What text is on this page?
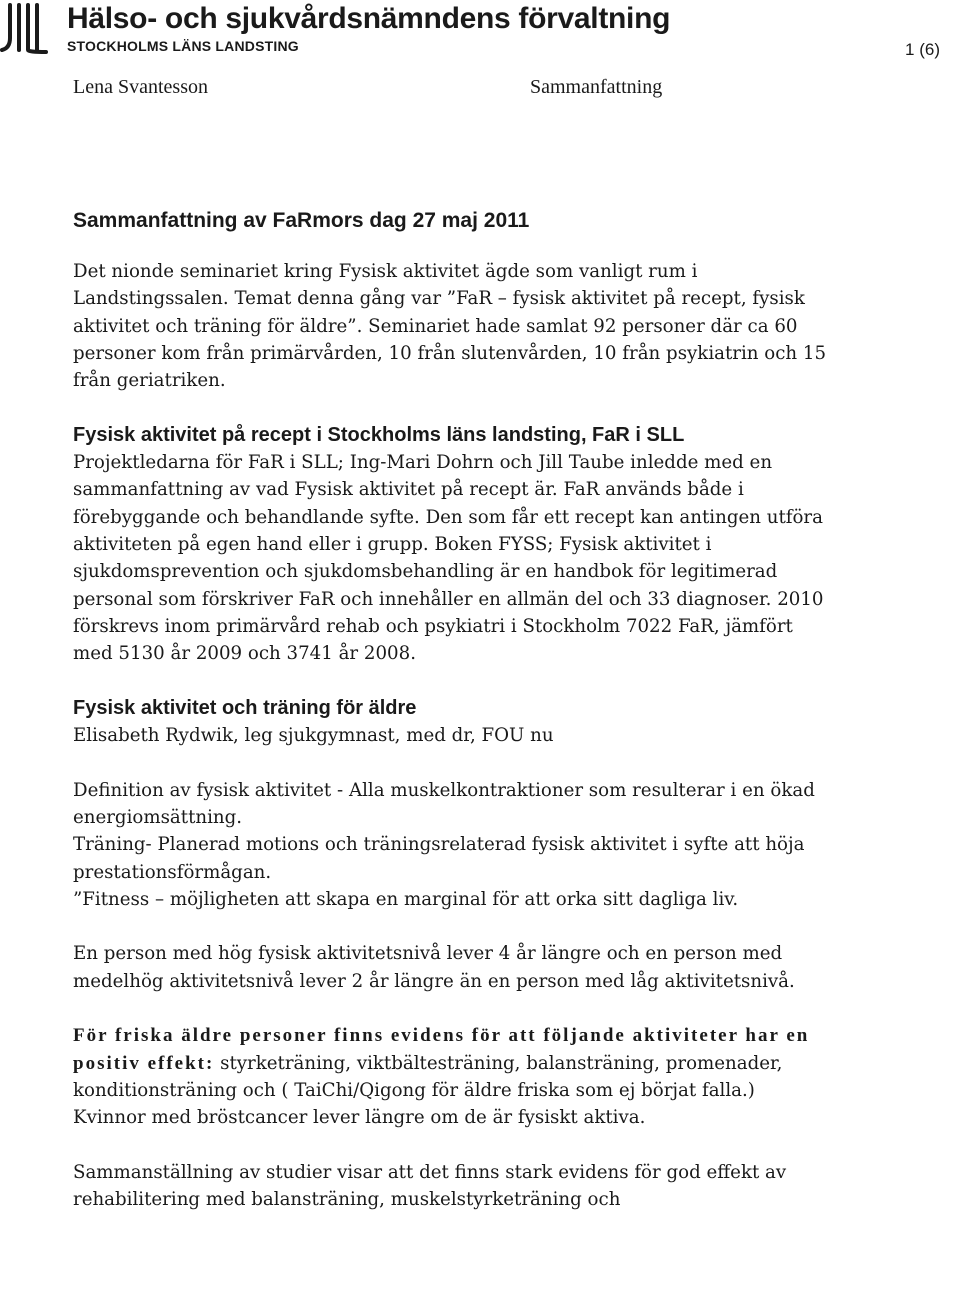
Hälso- och sjukvårdsnämndens förvaltning
STOCKHOLMS LÄNS LANDSTING	1 (6)
Lena Svantesson	Sammanfattning
Sammanfattning av FaRmors dag 27 maj 2011

Det nionde seminariet kring Fysisk aktivitet ägde som vanligt rum i Landstingssalen. Temat denna gång var ”FaR – fysisk aktivitet på recept, fysisk aktivitet och träning för äldre”. Seminariet hade samlat 92 personer där ca 60 personer kom från primärvården, 10 från slutenvården, 10 från psykiatrin och 15 från geriatriken.

Fysisk aktivitet på recept i Stockholms läns landsting, FaR i SLL

Projektledarna för FaR i SLL; Ing-Mari Dohrn och Jill Taube inledde med en sammanfattning av vad Fysisk aktivitet på recept är. FaR används både i förebyggande och behandlande syfte. Den som får ett recept kan antingen utföra aktiviteten på egen hand eller i grupp. Boken FYSS; Fysisk aktivitet i sjukdomsprevention och sjukdomsbehandling är en handbok för legitimerad personal som förskriver FaR och innehåller en allmän del och 33 diagnoser. 2010 förskrevs inom primärvård rehab och psykiatri i Stockholm 7022 FaR, jämfört med 5130 år 2009 och 3741 år 2008.

Fysisk aktivitet och träning för äldre

Elisabeth Rydwik, leg sjukgymnast, med dr, FOU nu

Definition av fysisk aktivitet - Alla muskelkontraktioner som resulterar i en ökad energiomsättning.

Träning- Planerad motions och träningsrelaterad fysisk aktivitet i syfte att höja prestationsförmågan.

”Fitness – möjligheten att skapa en marginal för att orka sitt dagliga liv.

En person med hög fysisk aktivitetsnivå lever 4 år längre och en person med medelhög aktivitetsnivå lever 2 år längre än en person med låg aktivitetsnivå.

För friska äldre personer finns evidens för att följande aktiviteter har en positiv effekt: styrketräning, viktbältesträning, balansträning, promenader, konditionsträning och ( TaiChi/Qigong för äldre friska som ej börjat falla.) Kvinnor med bröstcancer lever längre om de är fysiskt aktiva.

Sammanställning av studier visar att det finns stark evidens för god effekt av rehabilitering med balansträning, muskelstyrketräning och
